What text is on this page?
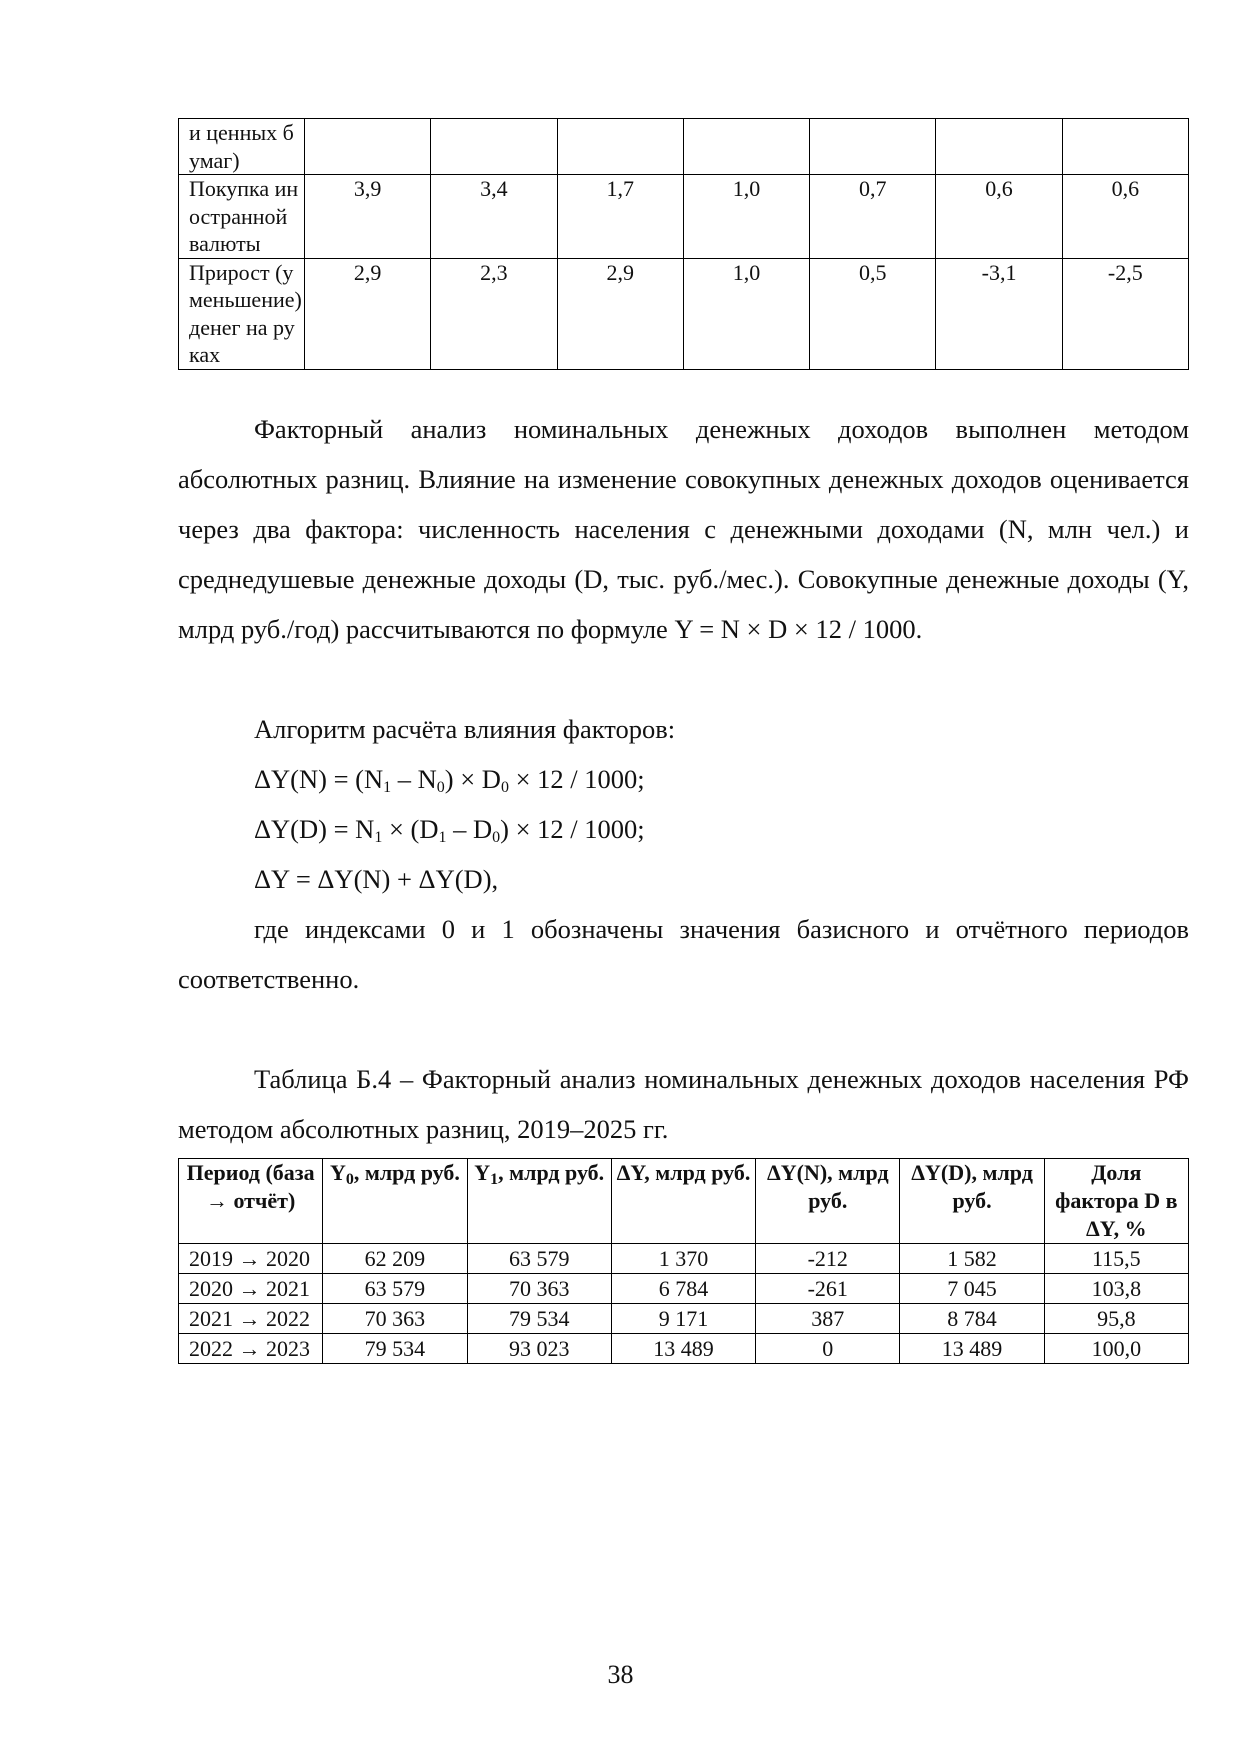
и ценных бумаг)							
Покупка иностранной валюты	3,9	3,4	1,7	1,0	0,7	0,6	0,6
Прирост (уменьшение) денег на руках	2,9	2,3	2,9	1,0	0,5	-3,1	-2,5

Факторный анализ номинальных денежных доходов выполнен методом абсолютных разниц. Влияние на изменение совокупных денежных доходов оценивается через два фактора: численность населения с денежными доходами (N, млн чел.) и среднедушевые денежные доходы (D, тыс. руб./мес.). Совокупные денежные доходы (Y, млрд руб./год) рассчитываются по формуле Y = N × D × 12 / 1000.

Алгоритм расчёта влияния факторов:

$\Delta Y(N) = (N_1 - N_0) \times D_0 \times 12 / 1000$;

$\Delta Y(D) = N_1 \times (D_1 - D_0) \times 12 / 1000$;

ΔY = ΔY(N) + ΔY(D),

где индексами 0 и 1 обозначены значения базисного и отчётного периодов соответственно.

Таблица Б.4 – Факторный анализ номинальных денежных доходов населения РФ методом абсолютных разниц, 2019–2025 гг.

Период (база → отчёт)	$Y_0$, млрд руб.	$Y_1$, млрд руб.	ΔY, млрд руб.	ΔY(N), млрд руб.	ΔY(D), млрд руб.	Доля фактора D в ΔY, %
2019 → 2020	62 209	63 579	1 370	-212	1 582	115,5
2020 → 2021	63 579	70 363	6 784	-261	7 045	103,8
2021 → 2022	70 363	79 534	9 171	387	8 784	95,8
2022 → 2023	79 534	93 023	13 489	0	13 489	100,0
38
